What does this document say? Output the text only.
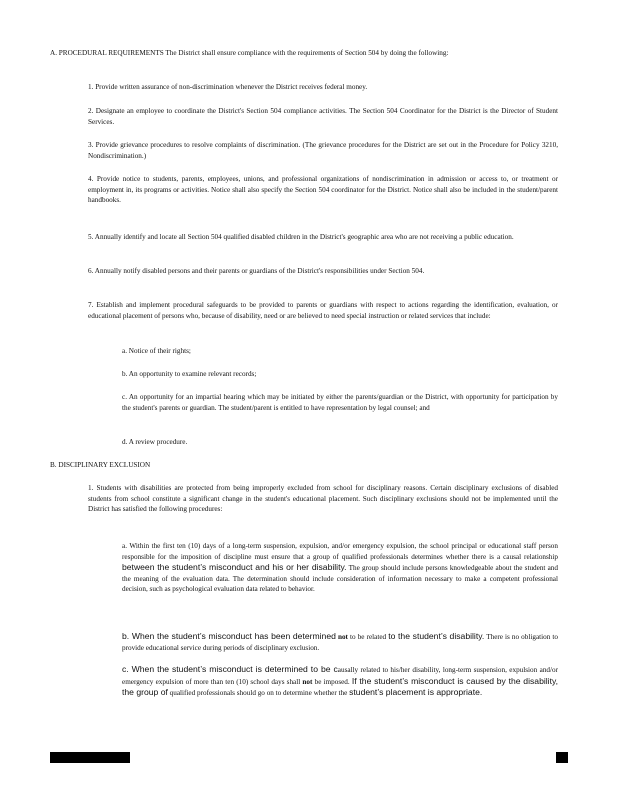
A. PROCEDURAL REQUIREMENTS The District shall ensure compliance with the requirements of Section 504 by doing the following:

1. Provide written assurance of non-discrimination whenever the District receives federal money.

2. Designate an employee to coordinate the District's Section 504 compliance activities. The Section 504 Coordinator for the District is the Director of Student Services.

3. Provide grievance procedures to resolve complaints of discrimination. (The grievance procedures for the District are set out in the Procedure for Policy 3210, Nondiscrimination.)

4. Provide notice to students, parents, employees, unions, and professional organizations of nondiscrimination in admission or access to, or treatment or employment in, its programs or activities. Notice shall also specify the Section 504 coordinator for the District. Notice shall also be included in the student/parent handbooks.

5. Annually identify and locate all Section 504 qualified disabled children in the District's geographic area who are not receiving a public education.

6. Annually notify disabled persons and their parents or guardians of the District's responsibilities under Section 504.

7. Establish and implement procedural safeguards to be provided to parents or guardians with respect to actions regarding the identification, evaluation, or educational placement of persons who, because of disability, need or are believed to need special instruction or related services that include:

a. Notice of their rights;

b. An opportunity to examine relevant records;

c. An opportunity for an impartial hearing which may be initiated by either the parents/guardian or the District, with opportunity for participation by the student's parents or guardian. The student/parent is entitled to have representation by legal counsel; and

d. A review procedure.

B. DISCIPLINARY EXCLUSION

1. Students with disabilities are protected from being improperly excluded from school for disciplinary reasons. Certain disciplinary exclusions of disabled students from school constitute a significant change in the student's educational placement. Such disciplinary exclusions should not be implemented until the District has satisfied the following procedures:

a. Within the first ten (10) days of a long-term suspension, expulsion, and/or emergency expulsion, the school principal or educational staff person responsible for the imposition of discipline must ensure that a group of qualified professionals determines whether there is a causal relationship between the student’s misconduct and his or her disability. The group should include persons knowledgeable about the student and the meaning of the evaluation data. The determination should include consideration of information necessary to make a competent professional decision, such as psychological evaluation data related to behavior.

b. When the student’s misconduct has been determined not to be related to the student’s disability. There is no obligation to provide educational service during periods of disciplinary exclusion.

c. When the student’s misconduct is determined to be causally related to his/her disability, long-term suspension, expulsion and/or emergency expulsion of more than ten (10) school days shall not be imposed. If the student’s misconduct is caused by the disability, the group of qualified professionals should go on to determine whether the student’s placement is appropriate.
